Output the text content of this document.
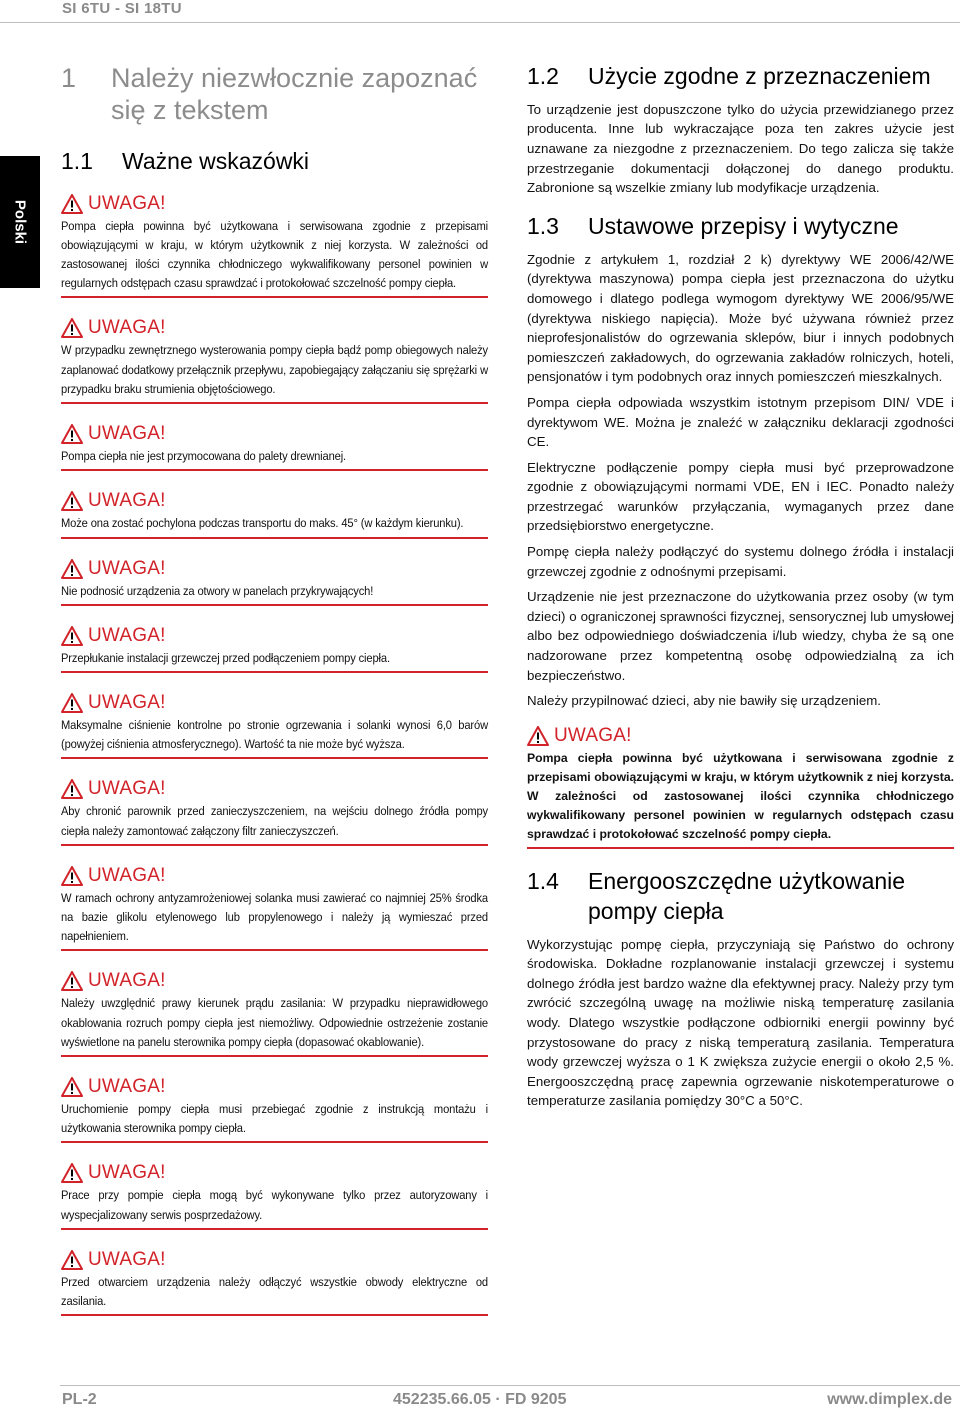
SI 6TU - SI 18TU
Polski
1	Należy niezwłocznie zapoznać się z tekstem
1.1	Ważne wskazówki
UWAGA!
Pompa ciepła powinna być użytkowana i serwisowana zgodnie z przepisami obowiązującymi w kraju, w którym użytkownik z niej korzysta. W zależności od zastosowanej ilości czynnika chłodniczego wykwalifikowany personel powinien w regularnych odstępach czasu sprawdzać i protokołować szczelność pompy ciepła.
UWAGA!
W przypadku zewnętrznego wysterowania pompy ciepła bądź pomp obiegowych należy zaplanować dodatkowy przełącznik przepływu, zapobiegający załączaniu się sprężarki w przypadku braku strumienia objętościowego.
UWAGA!
Pompa ciepła nie jest przymocowana do palety drewnianej.
UWAGA!
Może ona zostać pochylona podczas transportu do maks. 45° (w każdym kierunku).
UWAGA!
Nie podnosić urządzenia za otwory w panelach przykrywających!
UWAGA!
Przepłukanie instalacji grzewczej przed podłączeniem pompy ciepła.
UWAGA!
Maksymalne ciśnienie kontrolne po stronie ogrzewania i solanki wynosi 6,0 barów (powyżej ciśnienia atmosferycznego). Wartość ta nie może być wyższa.
UWAGA!
Aby chronić parownik przed zanieczyszczeniem, na wejściu dolnego źródła pompy ciepła należy zamontować załączony filtr zanieczyszczeń.
UWAGA!
W ramach ochrony antyzamrożeniowej solanka musi zawierać co najmniej 25% środka na bazie glikolu etylenowego lub propylenowego i należy ją wymieszać przed napełnieniem.
UWAGA!
Należy uwzględnić prawy kierunek prądu zasilania: W przypadku nieprawidłowego okablowania rozruch pompy ciepła jest niemożliwy. Odpowiednie ostrzeżenie zostanie wyświetlone na panelu sterownika pompy ciepła (dopasować okablowanie).
UWAGA!
Uruchomienie pompy ciepła musi przebiegać zgodnie z instrukcją montażu i użytkowania sterownika pompy ciepła.
UWAGA!
Prace przy pompie ciepła mogą być wykonywane tylko przez autoryzowany i wyspecjalizowany serwis posprzedażowy.
UWAGA!
Przed otwarciem urządzenia należy odłączyć wszystkie obwody elektryczne od zasilania.
1.2	Użycie zgodne z przeznaczeniem

To urządzenie jest dopuszczone tylko do użycia przewidzianego przez producenta. Inne lub wykraczające poza ten zakres użycie jest uznawane za niezgodne z przeznaczeniem. Do tego zalicza się także przestrzeganie dokumentacji dołączonej do danego produktu. Zabronione są wszelkie zmiany lub modyfikacje urządzenia.

1.3	Ustawowe przepisy i wytyczne

Zgodnie z artykułem 1, rozdział 2 k) dyrektywy WE 2006/42/WE (dyrektywa maszynowa) pompa ciepła jest przeznaczona do użytku domowego i dlatego podlega wymogom dyrektywy WE 2006/95/WE (dyrektywa niskiego napięcia). Może być używana również przez nieprofesjonalistów do ogrzewania sklepów, biur i innych podobnych pomieszczeń zakładowych, do ogrzewania zakładów rolniczych, hoteli, pensjonatów i tym podobnych oraz innych pomieszczeń mieszkalnych.

Pompa ciepła odpowiada wszystkim istotnym przepisom DIN/ VDE i dyrektywom WE. Można je znaleźć w załączniku deklaracji zgodności CE.

Elektryczne podłączenie pompy ciepła musi być przeprowadzone zgodnie z obowiązującymi normami VDE, EN i IEC. Ponadto należy przestrzegać warunków przyłączania, wymaganych przez dane przedsiębiorstwo energetyczne.

Pompę ciepła należy podłączyć do systemu dolnego źródła i instalacji grzewczej zgodnie z odnośnymi przepisami.

Urządzenie nie jest przeznaczone do użytkowania przez osoby (w tym dzieci) o ograniczonej sprawności fizycznej, sensorycznej lub umysłowej albo bez odpowiedniego doświadczenia i/lub wiedzy, chyba że są one nadzorowane przez kompetentną osobę odpowiedzialną za ich bezpieczeństwo.

Należy przypilnować dzieci, aby nie bawiły się urządzeniem.

UWAGA!
Pompa ciepła powinna być użytkowana i serwisowana zgodnie z przepisami obowiązującymi w kraju, w którym użytkownik z niej korzysta. W zależności od zastosowanej ilości czynnika chłodniczego wykwalifikowany personel powinien w regularnych odstępach czasu sprawdzać i protokołować szczelność pompy ciepła.
1.4	Energooszczędne użytkowanie pompy ciepła

Wykorzystując pompę ciepła, przyczyniają się Państwo do ochrony środowiska. Dokładne rozplanowanie instalacji grzewczej i systemu dolnego źródła jest bardzo ważne dla efektywnej pracy. Należy przy tym zwrócić szczególną uwagę na możliwie niską temperaturę zasilania wody. Dlatego wszystkie podłączone odbiorniki energii powinny być przystosowane do pracy z niską temperaturą zasilania. Temperatura wody grzewczej wyższa o 1 K zwiększa zużycie energii o około 2,5 %. Energooszczędną pracę zapewnia ogrzewanie niskotemperaturowe o temperaturze zasilania pomiędzy 30°C a 50°C.

PL-2	452235.66.05 · FD 9205	www.dimplex.de
